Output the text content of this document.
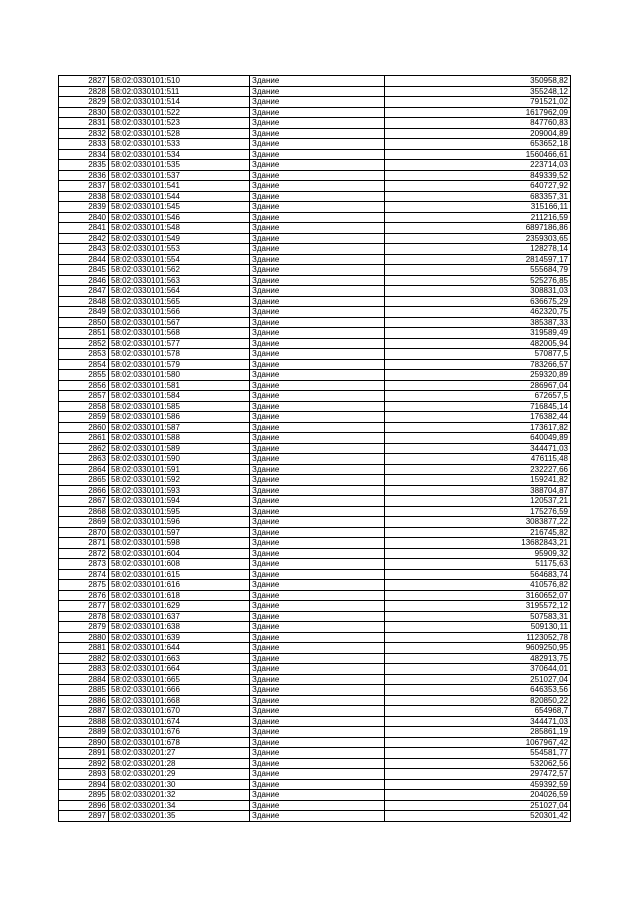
2827	58:02:0330101:510	Здание	350958,82
2828	58:02:0330101:511	Здание	355248,12
2829	58:02:0330101:514	Здание	791521,02
2830	58:02:0330101:522	Здание	1617962,09
2831	58:02:0330101:523	Здание	847760,83
2832	58:02:0330101:528	Здание	209004,89
2833	58:02:0330101:533	Здание	653652,18
2834	58:02:0330101:534	Здание	1560466,61
2835	58:02:0330101:535	Здание	223714,03
2836	58:02:0330101:537	Здание	849339,52
2837	58:02:0330101:541	Здание	640727,92
2838	58:02:0330101:544	Здание	683357,31
2839	58:02:0330101:545	Здание	315166,11
2840	58:02:0330101:546	Здание	211216,59
2841	58:02:0330101:548	Здание	6897186,86
2842	58:02:0330101:549	Здание	2359303,65
2843	58:02:0330101:553	Здание	128278,14
2844	58:02:0330101:554	Здание	2814597,17
2845	58:02:0330101:562	Здание	555684,79
2846	58:02:0330101:563	Здание	525276,85
2847	58:02:0330101:564	Здание	308831,03
2848	58:02:0330101:565	Здание	636675,29
2849	58:02:0330101:566	Здание	462320,75
2850	58:02:0330101:567	Здание	385387,33
2851	58:02:0330101:568	Здание	319589,49
2852	58:02:0330101:577	Здание	482005,94
2853	58:02:0330101:578	Здание	570877,5
2854	58:02:0330101:579	Здание	783266,57
2855	58:02:0330101:580	Здание	259320,89
2856	58:02:0330101:581	Здание	286967,04
2857	58:02:0330101:584	Здание	672657,5
2858	58:02:0330101:585	Здание	716845,14
2859	58:02:0330101:586	Здание	176382,44
2860	58:02:0330101:587	Здание	173617,82
2861	58:02:0330101:588	Здание	640049,89
2862	58:02:0330101:589	Здание	344471,03
2863	58:02:0330101:590	Здание	476115,48
2864	58:02:0330101:591	Здание	232227,66
2865	58:02:0330101:592	Здание	159241,82
2866	58:02:0330101:593	Здание	388704,87
2867	58:02:0330101:594	Здание	120537,21
2868	58:02:0330101:595	Здание	175276,59
2869	58:02:0330101:596	Здание	3083877,22
2870	58:02:0330101:597	Здание	216745,82
2871	58:02:0330101:598	Здание	13682843,21
2872	58:02:0330101:604	Здание	95909,32
2873	58:02:0330101:608	Здание	51175,63
2874	58:02:0330101:615	Здание	564683,74
2875	58:02:0330101:616	Здание	410576,82
2876	58:02:0330101:618	Здание	3160652,07
2877	58:02:0330101:629	Здание	3195572,12
2878	58:02:0330101:637	Здание	507583,31
2879	58:02:0330101:638	Здание	509130,11
2880	58:02:0330101:639	Здание	1123052,78
2881	58:02:0330101:644	Здание	9609250,95
2882	58:02:0330101:663	Здание	482913,75
2883	58:02:0330101:664	Здание	370644,01
2884	58:02:0330101:665	Здание	251027,04
2885	58:02:0330101:666	Здание	646353,56
2886	58:02:0330101:668	Здание	820850,22
2887	58:02:0330101:670	Здание	654968,7
2888	58:02:0330101:674	Здание	344471,03
2889	58:02:0330101:676	Здание	285861,19
2890	58:02:0330101:678	Здание	1067967,42
2891	58:02:0330201:27	Здание	554581,77
2892	58:02:0330201:28	Здание	532062,56
2893	58:02:0330201:29	Здание	297472,57
2894	58:02:0330201:30	Здание	459392,59
2895	58:02:0330201:32	Здание	204026,59
2896	58:02:0330201:34	Здание	251027,04
2897	58:02:0330201:35	Здание	520301,42
